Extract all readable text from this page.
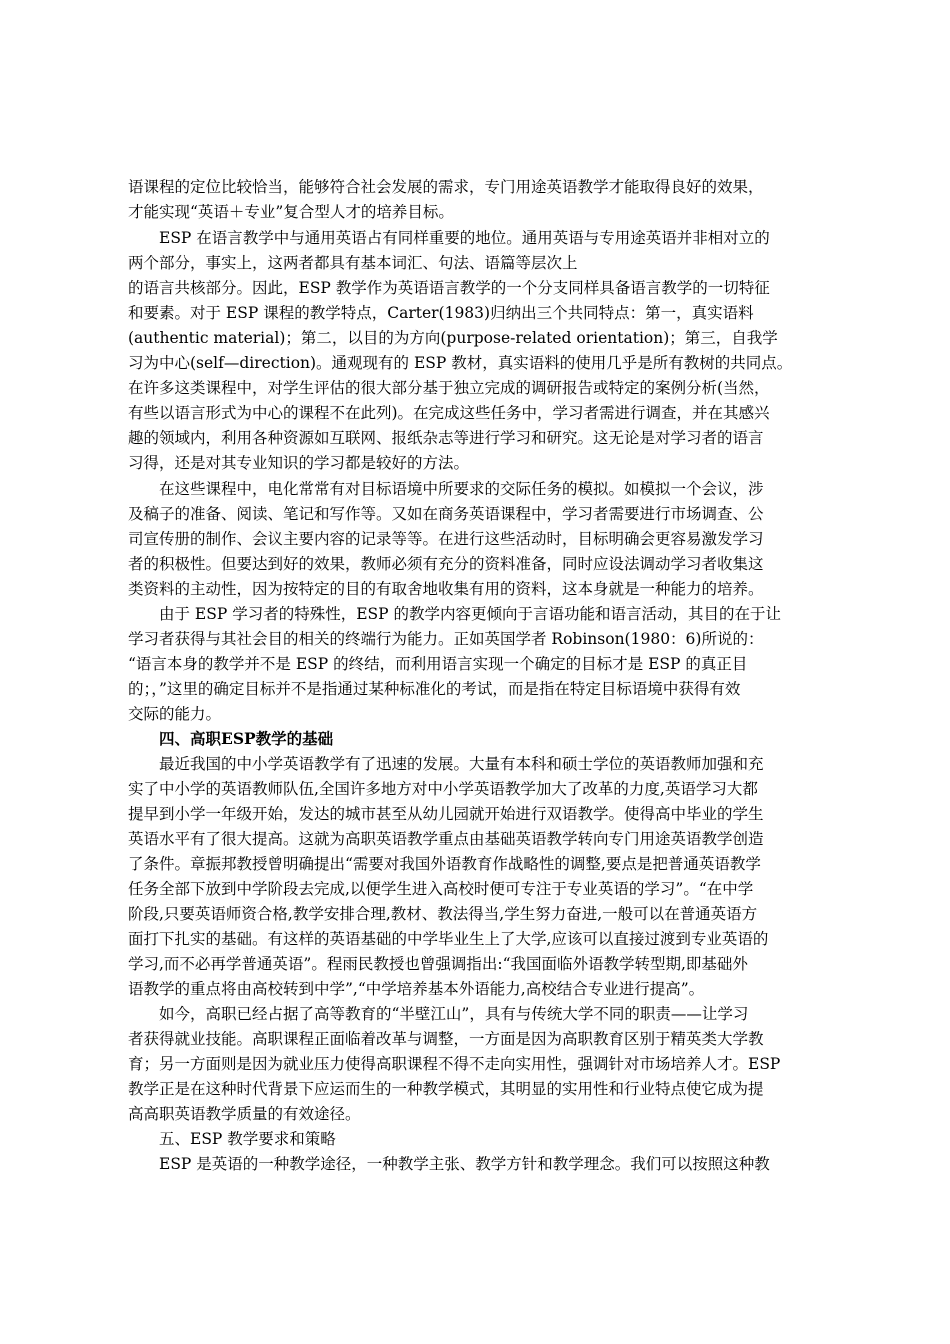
语课程的定位比较恰当，能够符合社会发展的需求，专门用途英语教学才能取得良好的效果，
才能实现“英语＋专业”复合型人才的培养目标。
ESP 在语言教学中与通用英语占有同样重要的地位。通用英语与专用途英语并非相对立的
两个部分，事实上，这两者都具有基本词汇、句法、语篇等层次上
的语言共核部分。因此，ESP 教学作为英语语言教学的一个分支同样具备语言教学的一切特征
和要素。对于 ESP 课程的教学特点，Carter(1983)归纳出三个共同特点：第一，真实语料
(authentic material)；第二，以目的为方向(purpose-related orientation)；第三，自我学
习为中心(self—direction)。通观现有的 ESP 教材，真实语料的使用几乎是所有教树的共同点。
在许多这类课程中，对学生评估的很大部分基于独立完成的调研报告或特定的案例分析(当然，
有些以语言形式为中心的课程不在此列)。在完成这些任务中，学习者需进行调查，并在其感兴
趣的领域内，利用各种资源如互联网、报纸杂志等进行学习和研究。这无论是对学习者的语言
习得，还是对其专业知识的学习都是较好的方法。
在这些课程中，电化常常有对目标语境中所要求的交际任务的模拟。如模拟一个会议，涉
及稿子的准备、阅读、笔记和写作等。又如在商务英语课程中，学习者需要进行市场调查、公
司宣传册的制作、会议主要内容的记录等等。在进行这些活动时，目标明确会更容易激发学习
者的积极性。但要达到好的效果，教师必须有充分的资料准备，同时应设法调动学习者收集这
类资料的主动性，因为按特定的目的有取舍地收集有用的资料，这本身就是一种能力的培养。
由于 ESP 学习者的特殊性，ESP 的教学内容更倾向于言语功能和语言活动，其目的在于让
学习者获得与其社会目的相关的终端行为能力。正如英国学者 Robinson(1980：6)所说的：
“语言本身的教学并不是 ESP 的终结，而利用语言实现一个确定的目标才是 ESP 的真正目
的；，”这里的确定目标并不是指通过某种标准化的考试，而是指在特定目标语境中获得有效
交际的能力。
四、高职ESP教学的基础
最近我国的中小学英语教学有了迅速的发展。大量有本科和硕士学位的英语教师加强和充
实了中小学的英语教师队伍,全国许多地方对中小学英语教学加大了改革的力度,英语学习大都
提早到小学一年级开始，发达的城市甚至从幼儿园就开始进行双语教学。使得高中毕业的学生
英语水平有了很大提高。这就为高职英语教学重点由基础英语教学转向专门用途英语教学创造
了条件。章振邦教授曾明确提出“需要对我国外语教育作战略性的调整,要点是把普通英语教学
任务全部下放到中学阶段去完成,以便学生进入高校时便可专注于专业英语的学习”。“在中学
阶段,只要英语师资合格,教学安排合理,教材、教法得当,学生努力奋进,一般可以在普通英语方
面打下扎实的基础。有这样的英语基础的中学毕业生上了大学,应该可以直接过渡到专业英语的
学习,而不必再学普通英语”。程雨民教授也曾强调指出:“我国面临外语教学转型期,即基础外
语教学的重点将由高校转到中学”,“中学培养基本外语能力,高校结合专业进行提高”。
如今，高职已经占据了高等教育的“半壁江山”，具有与传统大学不同的职责——让学习
者获得就业技能。高职课程正面临着改革与调整，一方面是因为高职教育区别于精英类大学教
育；另一方面则是因为就业压力使得高职课程不得不走向实用性，强调针对市场培养人才。ESP
教学正是在这种时代背景下应运而生的一种教学模式，其明显的实用性和行业特点使它成为提
高高职英语教学质量的有效途径。
五、ESP 教学要求和策略
ESP 是英语的一种教学途径，一种教学主张、教学方针和教学理念。我们可以按照这种教
